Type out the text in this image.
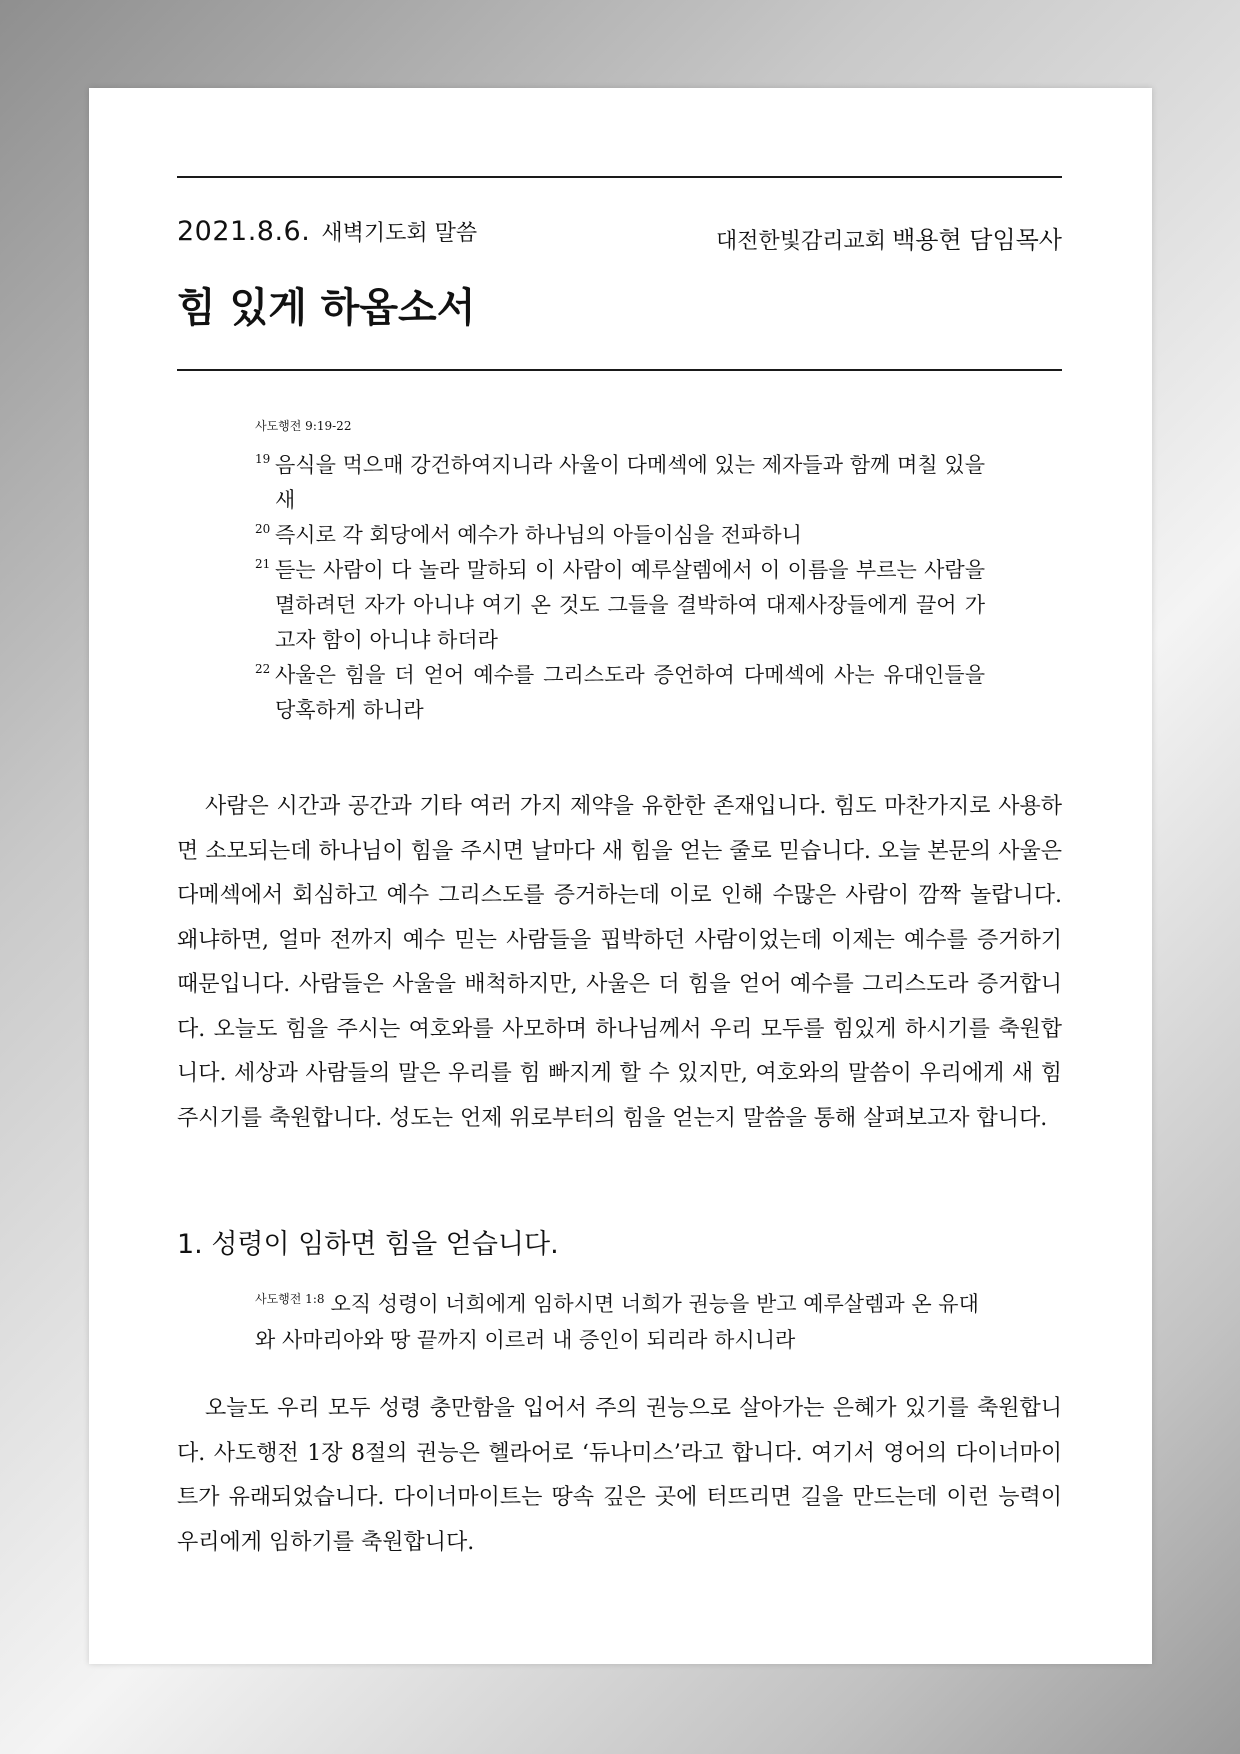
2021.8.6. 새벽기도회 말씀	대전한빛감리교회 백용현 담임목사
힘 있게 하옵소서
사도행전 9:19-22
19 음식을 먹으매 강건하여지니라 사울이 다메섹에 있는 제자들과 함께 며칠 있을새
20 즉시로 각 회당에서 예수가 하나님의 아들이심을 전파하니
21 듣는 사람이 다 놀라 말하되 이 사람이 예루살렘에서 이 이름을 부르는 사람을 멸하려던 자가 아니냐 여기 온 것도 그들을 결박하여 대제사장들에게 끌어 가고자 함이 아니냐 하더라
22 사울은 힘을 더 얻어 예수를 그리스도라 증언하여 다메섹에 사는 유대인들을 당혹하게 하니라

사람은 시간과 공간과 기타 여러 가지 제약을 유한한 존재입니다. 힘도 마찬가지로 사용하면 소모되는데 하나님이 힘을 주시면 날마다 새 힘을 얻는 줄로 믿습니다. 오늘 본문의 사울은 다메섹에서 회심하고 예수 그리스도를 증거하는데 이로 인해 수많은 사람이 깜짝 놀랍니다. 왜냐하면, 얼마 전까지 예수 믿는 사람들을 핍박하던 사람이었는데 이제는 예수를 증거하기 때문입니다. 사람들은 사울을 배척하지만, 사울은 더 힘을 얻어 예수를 그리스도라 증거합니다. 오늘도 힘을 주시는 여호와를 사모하며 하나님께서 우리 모두를 힘있게 하시기를 축원합니다. 세상과 사람들의 말은 우리를 힘 빠지게 할 수 있지만, 여호와의 말씀이 우리에게 새 힘 주시기를 축원합니다. 성도는 언제 위로부터의 힘을 얻는지 말씀을 통해 살펴보고자 합니다.

1. 성령이 임하면 힘을 얻습니다.
$^{사도행전 1:8}$ 오직 성령이 너희에게 임하시면 너희가 권능을 받고 예루살렘과 온 유대와 사마리아와 땅 끝까지 이르러 내 증인이 되리라 하시니라

오늘도 우리 모두 성령 충만함을 입어서 주의 권능으로 살아가는 은혜가 있기를 축원합니다. 사도행전 1장 8절의 권능은 헬라어로 ‘듀나미스’라고 합니다. 여기서 영어의 다이너마이트가 유래되었습니다. 다이너마이트는 땅속 깊은 곳에 터뜨리면 길을 만드는데 이런 능력이 우리에게 임하기를 축원합니다.
